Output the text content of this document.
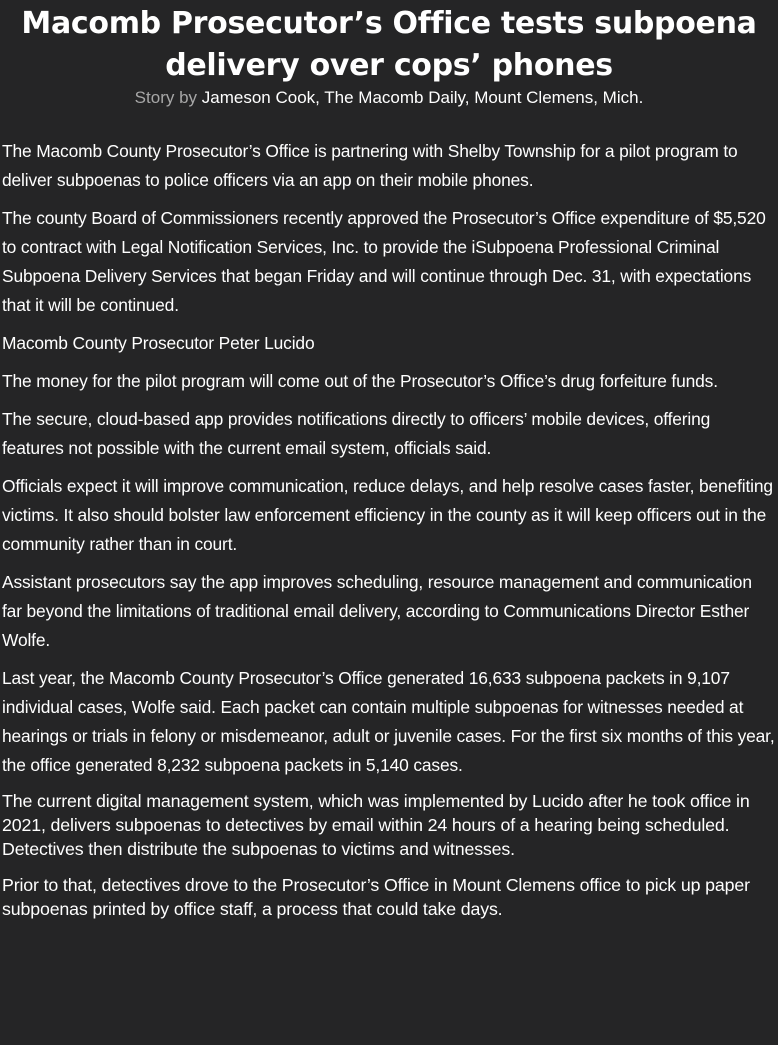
Macomb Prosecutor’s Office tests subpoena delivery over cops’ phones
Story by Jameson Cook, The Macomb Daily, Mount Clemens, Mich.

The Macomb County Prosecutor’s Office is partnering with Shelby Township for a pilot program to deliver subpoenas to police officers via an app on their mobile phones.

The county Board of Commissioners recently approved the Prosecutor’s Office expenditure of $5,520 to contract with Legal Notification Services, Inc. to provide the iSubpoena Professional Criminal Subpoena Delivery Services that began Friday and will continue through Dec. 31, with expectations that it will be continued.

Macomb County Prosecutor Peter Lucido

The money for the pilot program will come out of the Prosecutor’s Office’s drug forfeiture funds.

The secure, cloud-based app provides notifications directly to officers’ mobile devices, offering features not possible with the current email system, officials said.

Officials expect it will improve communication, reduce delays, and help resolve cases faster, benefiting victims. It also should bolster law enforcement efficiency in the county as it will keep officers out in the community rather than in court.

Assistant prosecutors say the app improves scheduling, resource management and communication far beyond the limitations of traditional email delivery, according to Communications Director Esther Wolfe.

Last year, the Macomb County Prosecutor’s Office generated 16,633 subpoena packets in 9,107 individual cases, Wolfe said. Each packet can contain multiple subpoenas for witnesses needed at hearings or trials in felony or misdemeanor, adult or juvenile cases. For the first six months of this year, the office generated 8,232 subpoena packets in 5,140 cases.

The current digital management system, which was implemented by Lucido after he took office in 2021, delivers subpoenas to detectives by email within 24 hours of a hearing being scheduled. Detectives then distribute the subpoenas to victims and witnesses.

Prior to that, detectives drove to the Prosecutor’s Office in Mount Clemens office to pick up paper subpoenas printed by office staff, a process that could take days.
